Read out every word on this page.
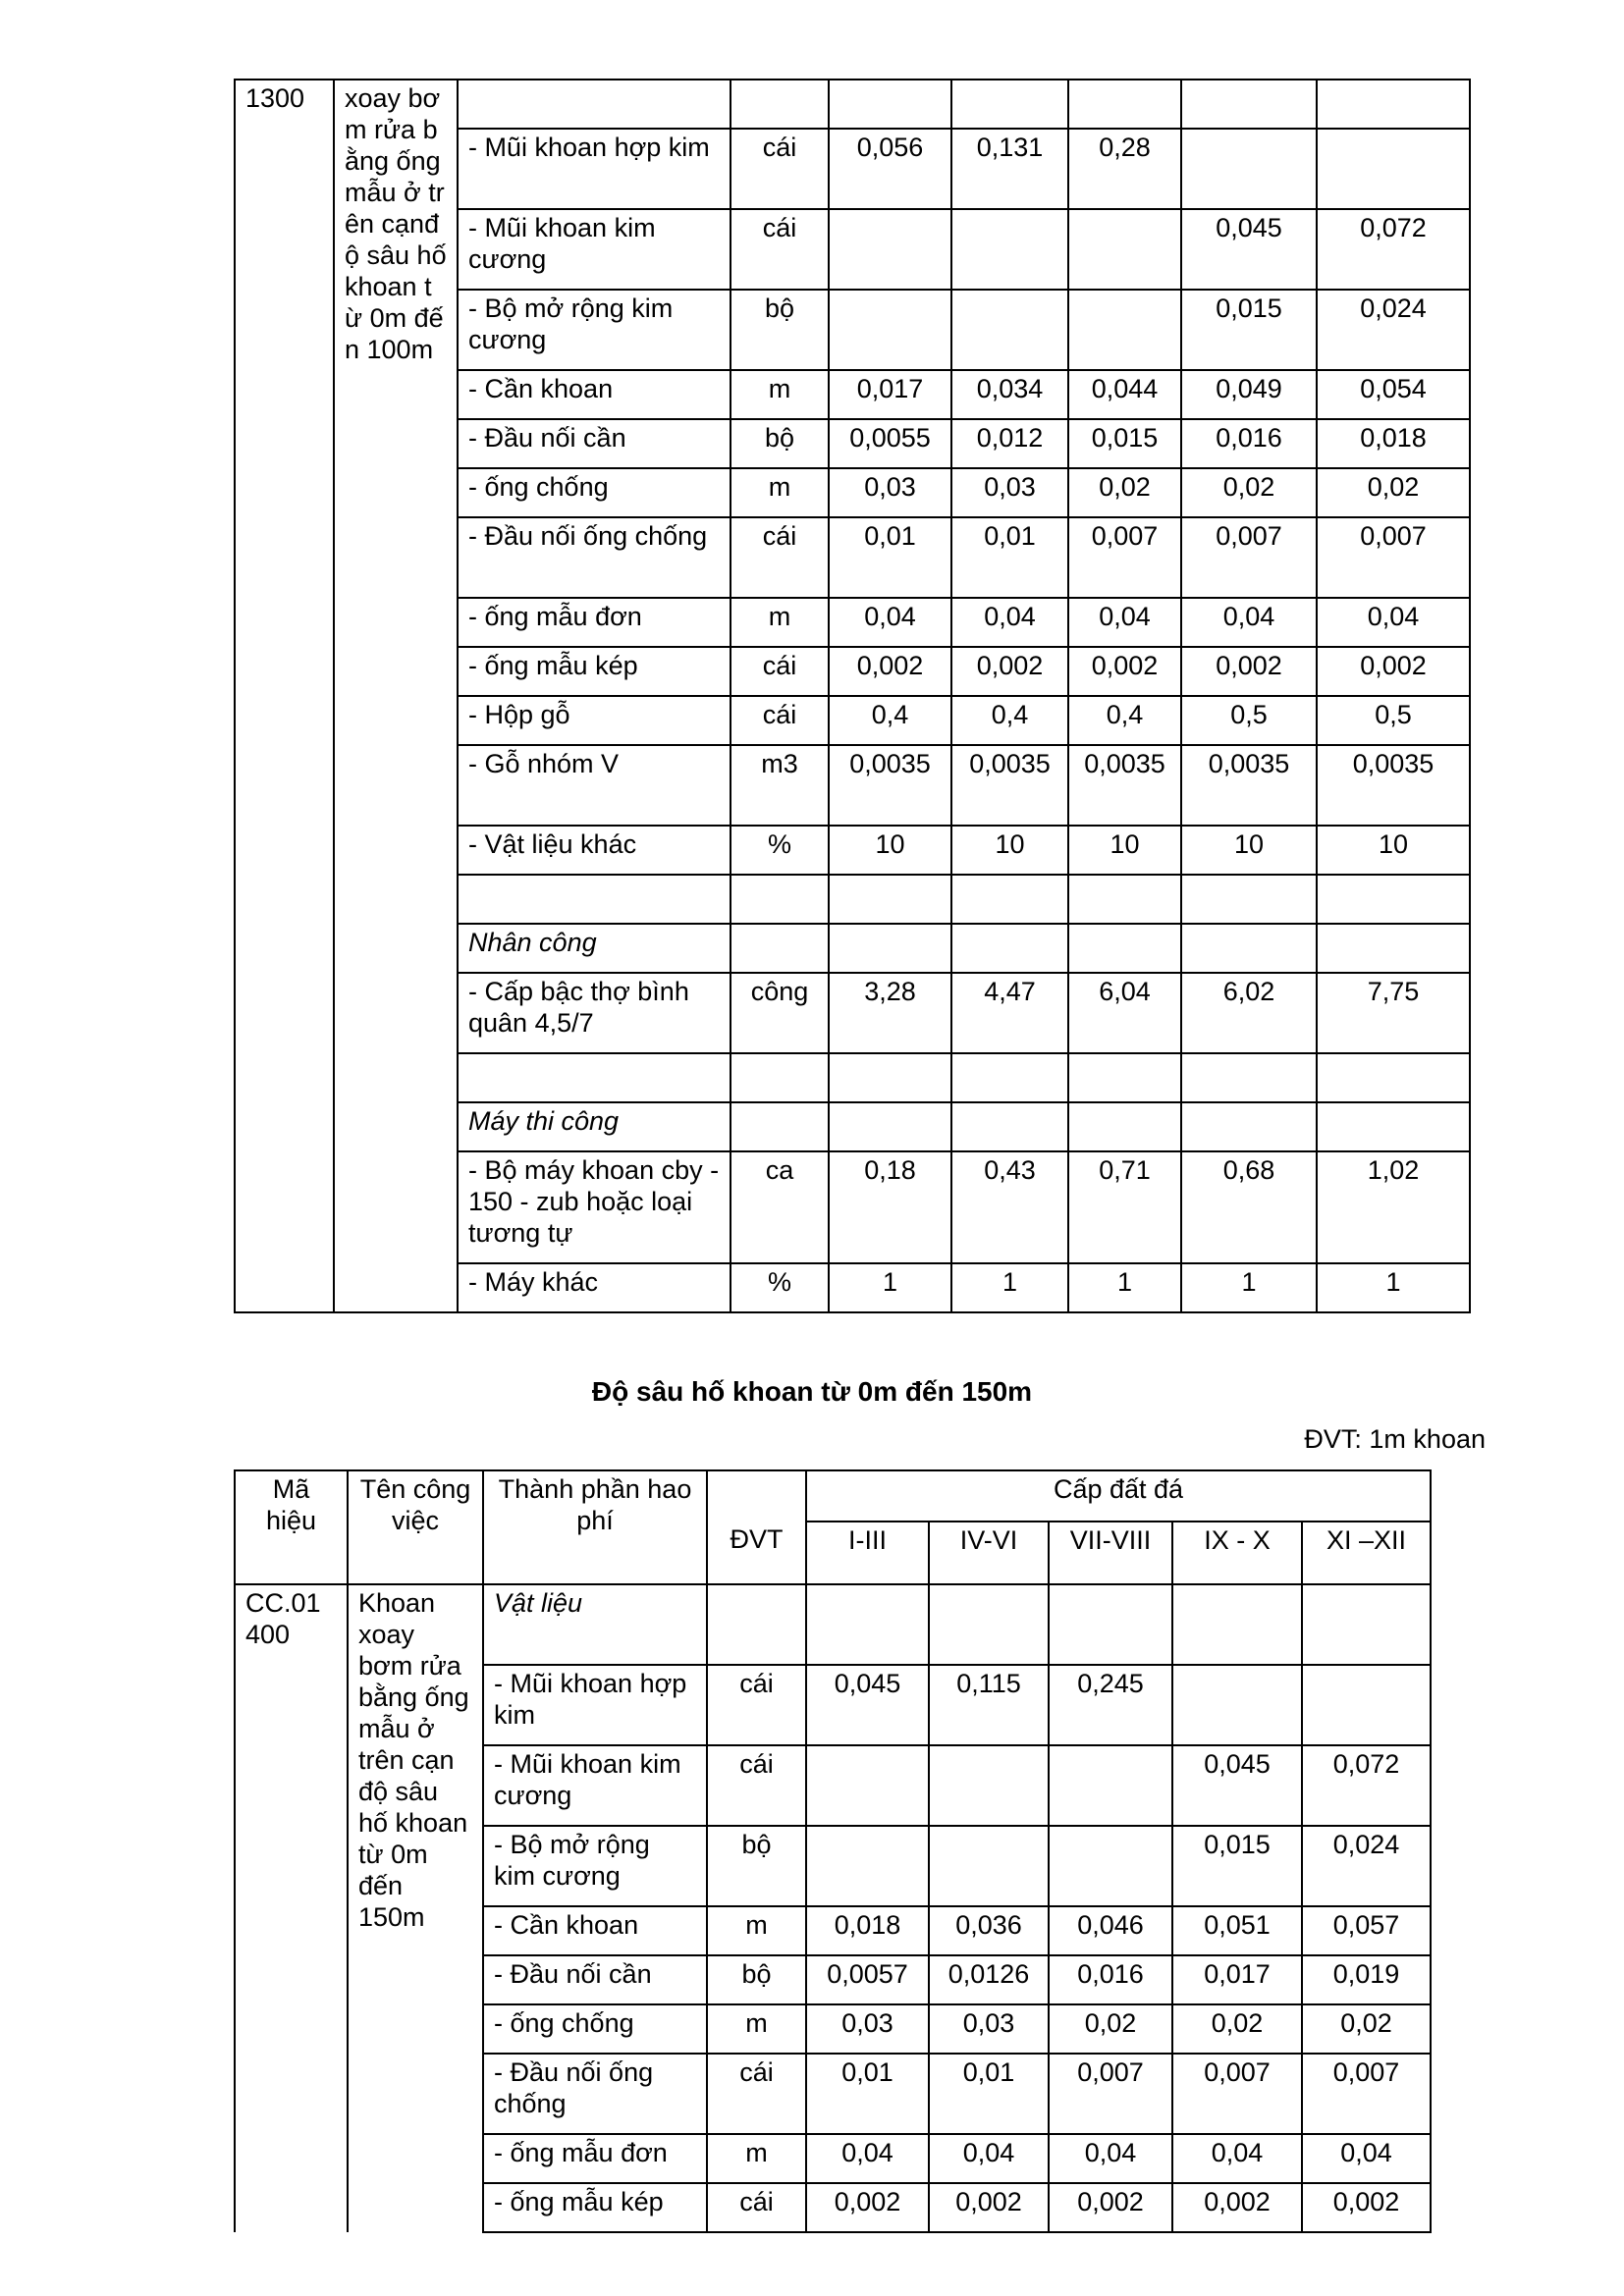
1300	xoay bơm rửa bằng ống mẫu ở trên cạnđộ sâu hố khoan từ 0m đến 100m							
		- Mũi khoan hợp kim	cái	0,056	0,131	0,28		
		- Mũi khoan kim cương	cái				0,045	0,072
		- Bộ mở rộng kim cương	bộ				0,015	0,024
		- Cần khoan	m	0,017	0,034	0,044	0,049	0,054
		- Đầu nối cần	bộ	0,0055	0,012	0,015	0,016	0,018
		- ống chống	m	0,03	0,03	0,02	0,02	0,02
		- Đầu nối ống chống	cái	0,01	0,01	0,007	0,007	0,007
		- ống mẫu đơn	m	0,04	0,04	0,04	0,04	0,04
		- ống mẫu kép	cái	0,002	0,002	0,002	0,002	0,002
		- Hộp gỗ	cái	0,4	0,4	0,4	0,5	0,5
		- Gỗ nhóm V	m3	0,0035	0,0035	0,0035	0,0035	0,0035
		- Vật liệu khác	%	10	10	10	10	10

		Nhân công						
		- Cấp bậc thợ bình quân 4,5/7	công	3,28	4,47	6,04	6,02	7,75

		Máy thi công						
		- Bộ máy khoan cby - 150 - zub hoặc loại tương tự	ca	0,18	0,43	0,71	0,68	1,02
		- Máy khác	%	1	1	1	1	1
Độ sâu hố khoan từ 0m đến 150m
ĐVT: 1m khoan
Mã hiệu	Tên công việc	Thành phần hao phí		Cấp đất đá				
			ĐVT	I-III	IV-VI	VII-VIII	IX - X	XI –XII
CC.01 400	Khoan xoay bơm rửa bằng ống mẫu ở trên cạn độ sâu hố khoan từ 0m đến 150m	Vật liệu						
		- Mũi khoan hợp kim	cái	0,045	0,115	0,245		
		- Mũi khoan kim cương	cái				0,045	0,072
		- Bộ mở rộng kim cương	bộ				0,015	0,024
		- Cần khoan	m	0,018	0,036	0,046	0,051	0,057
		- Đầu nối cần	bộ	0,0057	0,0126	0,016	0,017	0,019
		- ống chống	m	0,03	0,03	0,02	0,02	0,02
		- Đầu nối ống chống	cái	0,01	0,01	0,007	0,007	0,007
		- ống mẫu đơn	m	0,04	0,04	0,04	0,04	0,04
		- ống mẫu kép	cái	0,002	0,002	0,002	0,002	0,002
